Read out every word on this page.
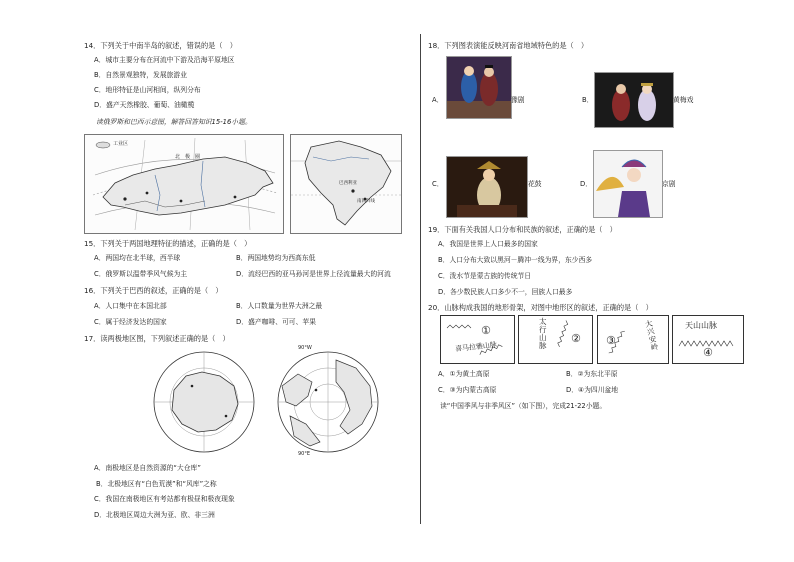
14．下列关于中南半岛的叙述，错误的是（　）
A．城市主要分布在河流中下游及沿海平原地区
B．自然景观独特，发展旅游业
C．地形特征是山河相间，纵列分布
D．盛产天然橡胶、葡萄、油橄榄
读俄罗斯和巴西示意图，解答回答知识15-16小题。
工业区
北　极　圈
南回归线
巴西利亚
15．下列关于两国地理特征的描述，正确的是（　）
A．两国均在北半球，西半球	B．两国地势均为西高东低
C．俄罗斯以温带季风气候为主	D．流经巴西的亚马孙河是世界上径流量最大的河流
16．下列关于巴西的叙述，正确的是（　）
A．人口集中在本国北部	B．人口数量为世界大洲之最
C．属于经济发达的国家	D．盛产咖啡、可可、苹果
17．读两极地区图，下列叙述正确的是（　）
90°W
90°E
A．南极地区是自然资源的“大仓库”
B．北极地区有“白色荒漠”和“风库”之称
C．我国在南极地区有考站都有极昼和极夜现象
D．北极地区周边大洲为亚、欧、非三洲
18．下列图表演能反映河南省地域特色的是（　）
A．	豫剧	B．	黄梅戏
C．	花鼓	D．	京剧
19．下面有关我国人口分布和民族的叙述，正确的是（　）
A．我国是世界上人口最多的国家
B．人口分布大致以黑河－腾冲一线为界，东少西多
C．泼水节是蒙古族的传统节日
D．各少数民族人口多少不一，回族人口最多
20．山脉构成我国的地形骨架，对图中地形区的叙述，正确的是（　）
①
喜马拉雅山脉
太行山脉
② ③
大兴安岭
天山山脉
④
A．①为黄土高原	B．②为东北平原
C．③为内蒙古高原	D．④为四川盆地
读“中国季风与非季风区”（如下图），完成21-22小题。
